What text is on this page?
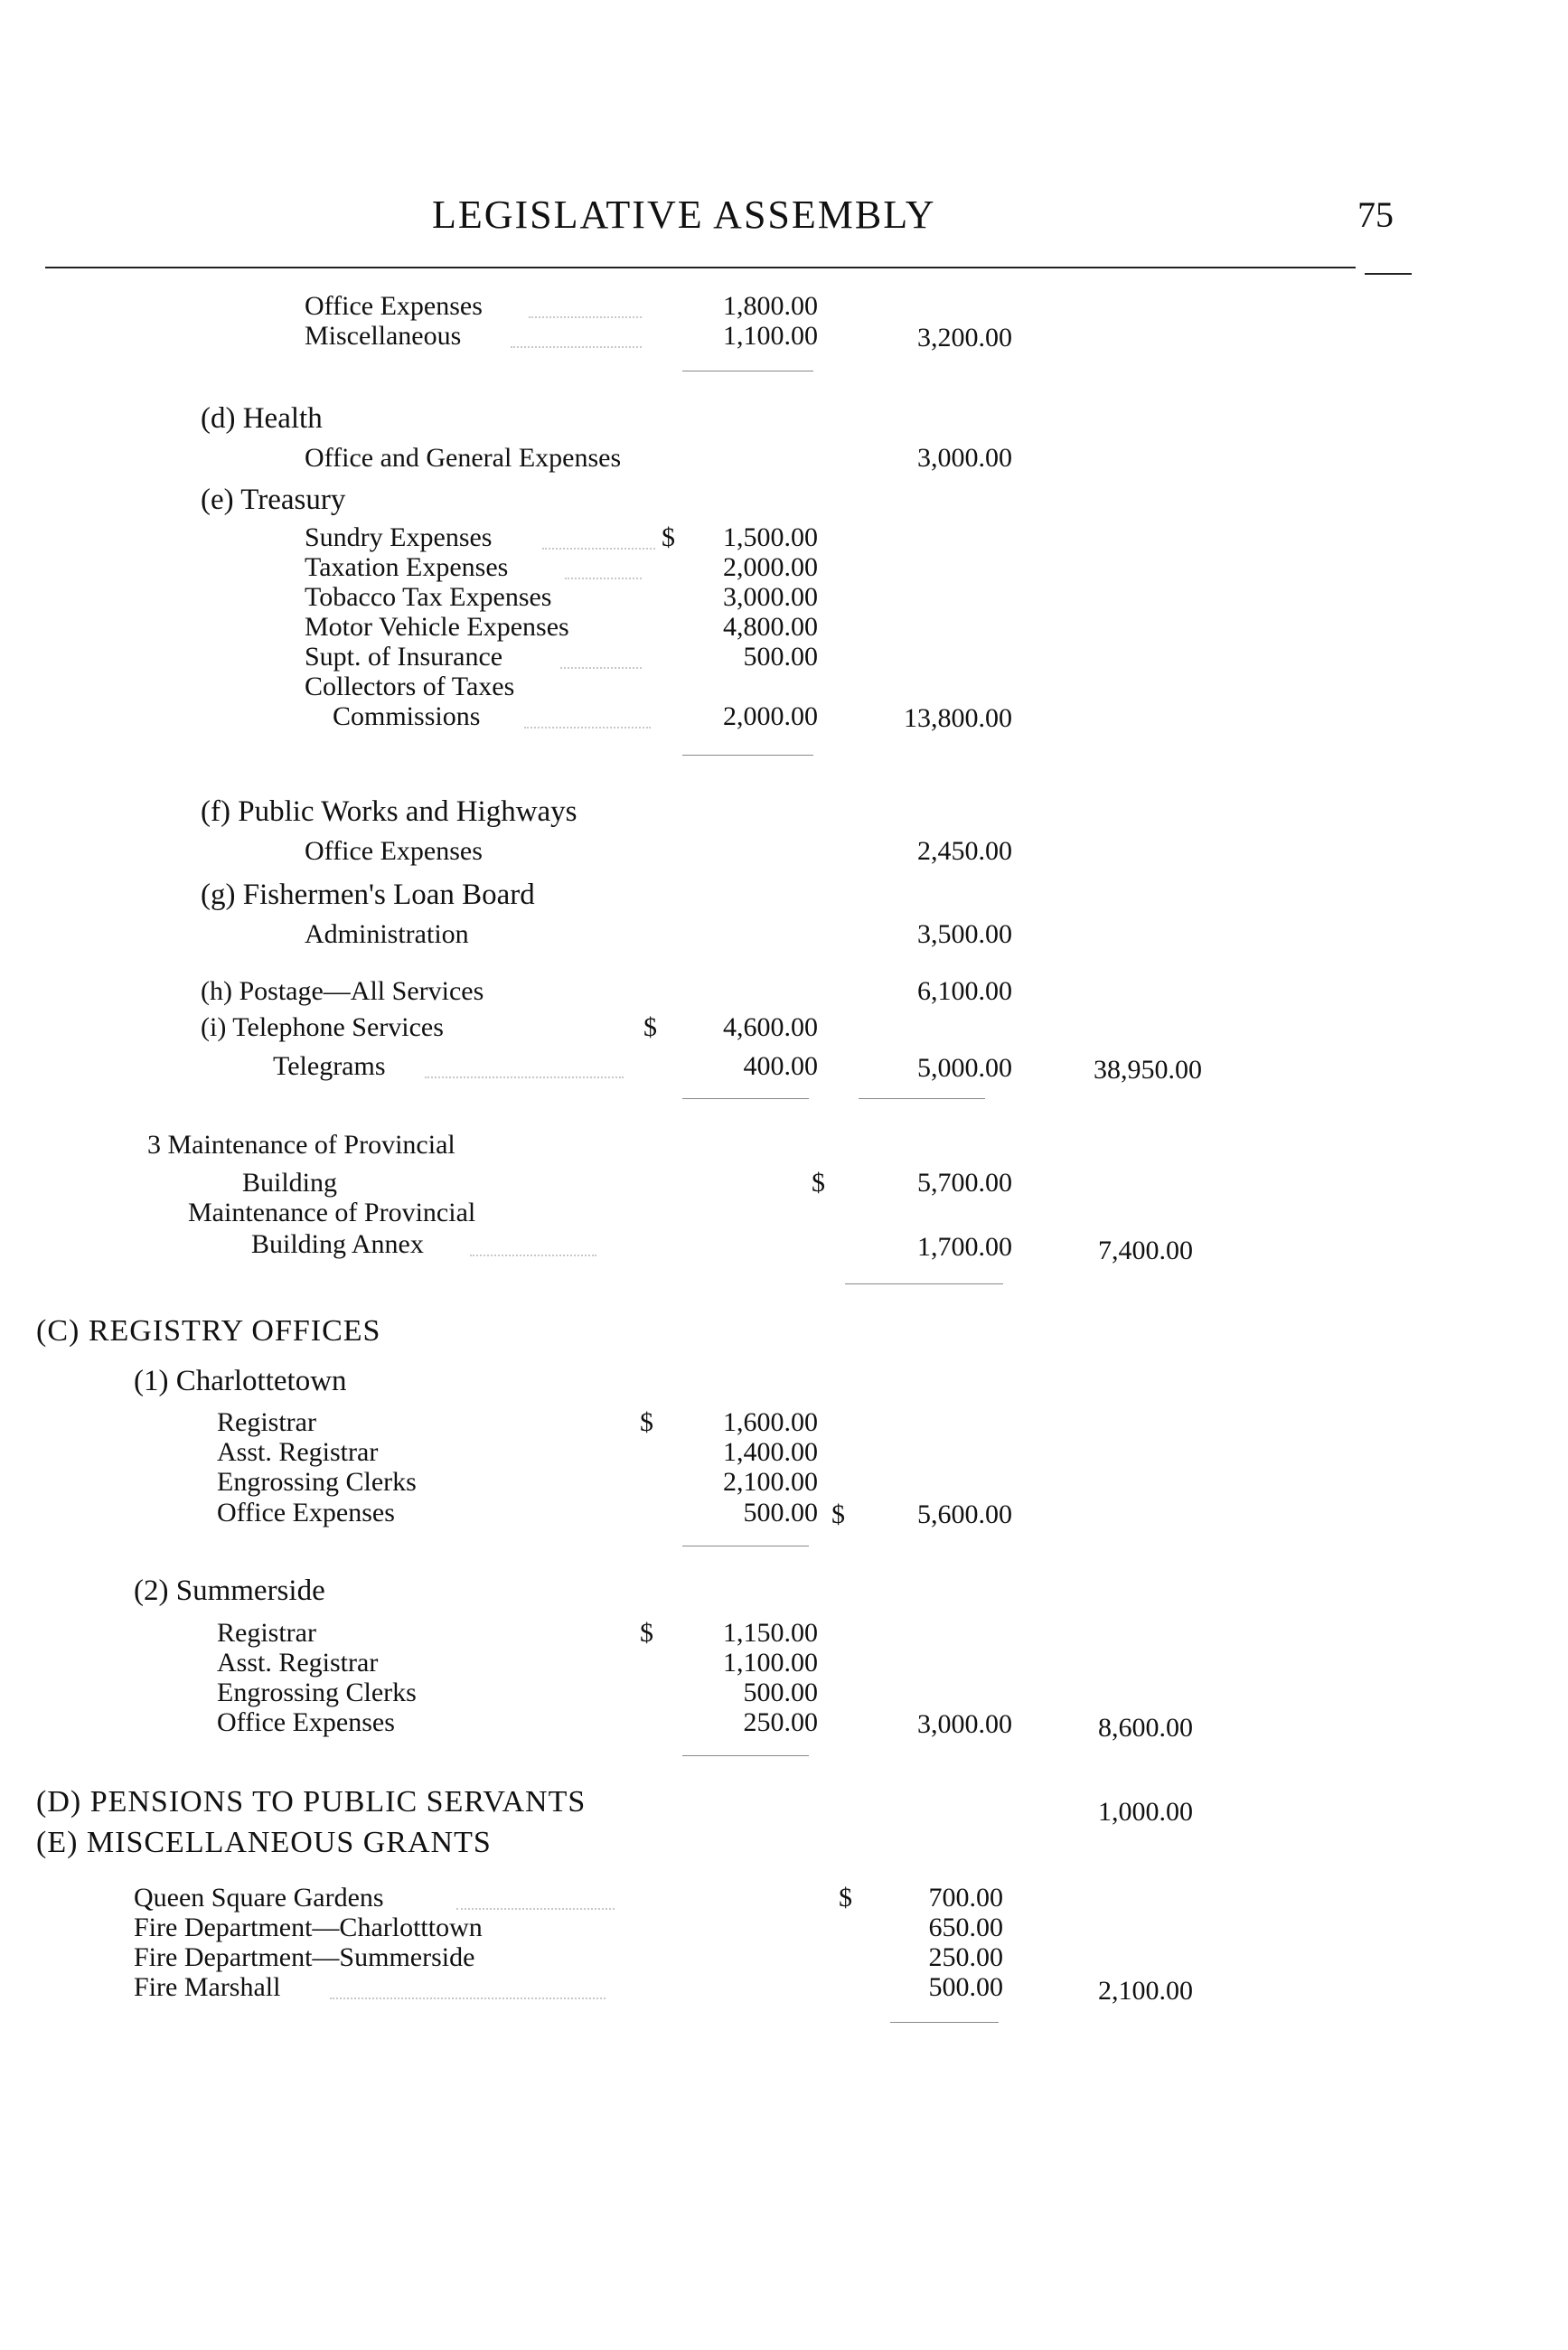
LEGISLATIVE ASSEMBLY	75
Office Expenses	1,800.00
Miscellaneous	1,100.00	3,200.00
(d) Health
Office and General Expenses	3,000.00
(e) Treasury
Sundry Expenses	$	1,500.00
Taxation Expenses	2,000.00
Tobacco Tax Expenses	3,000.00
Motor Vehicle Expenses	4,800.00
Supt. of Insurance	500.00
Collectors of Taxes
Commissions	2,000.00	13,800.00
(f) Public Works and Highways
Office Expenses	2,450.00
(g) Fishermen's Loan Board
Administration	3,500.00
(h) Postage—All Services	6,100.00
(i) Telephone Services	$	4,600.00
Telegrams	400.00	5,000.00	38,950.00
3 Maintenance of Provincial
Building	$	5,700.00
Maintenance of Provincial
Building Annex	1,700.00	7,400.00
(C) REGISTRY OFFICES
(1) Charlottetown
Registrar	$	1,600.00
Asst. Registrar	1,400.00
Engrossing Clerks	2,100.00
Office Expenses	500.00 $	5,600.00
(2) Summerside
Registrar	$	1,150.00
Asst. Registrar	1,100.00
Engrossing Clerks	500.00
Office Expenses	250.00	3,000.00	8,600.00
(D) PENSIONS TO PUBLIC SERVANTS	1,000.00
(E) MISCELLANEOUS GRANTS
Queen Square Gardens	$	700.00
Fire Department—Charlotttown	650.00
Fire Department—Summerside	250.00
Fire Marshall	500.00	2,100.00
